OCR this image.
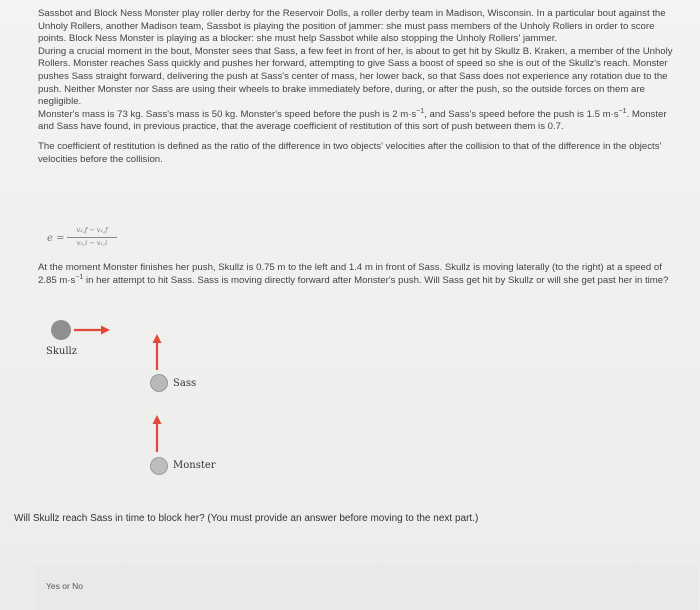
Sassbot and Block Ness Monster play roller derby for the Reservoir Dolls, a roller derby team in Madison, Wisconsin. In a particular bout against the Unholy Rollers, another Madison team, Sassbot is playing the position of jammer: she must pass members of the Unholy Rollers in order to score points. Block Ness Monster is playing as a blocker: she must help Sassbot while also stopping the Unholy Rollers' jammer.

During a crucial moment in the bout, Monster sees that Sass, a few feet in front of her, is about to get hit by Skullz B. Kraken, a member of the Unholy Rollers. Monster reaches Sass quickly and pushes her forward, attempting to give Sass a boost of speed so she is out of the Skullz's reach. Monster pushes Sass straight forward, delivering the push at Sass's center of mass, her lower back, so that Sass does not experience any rotation due to the push. Neither Monster nor Sass are using their wheels to brake immediately before, during, or after the push, so the outside forces on them are negligible.

Monster's mass is 73 kg. Sass's mass is 50 kg. Monster's speed before the push is 2 $m\cdot s^{-1}$, and Sass's speed before the push is 1.5 $m\cdot s^{-1}$. Monster and Sass have found, in previous practice, that the average coefficient of restitution of this sort of push between them is 0.7.

The coefficient of restitution is defined as the ratio of the difference in two objects' velocities after the collision to that of the difference in the objects' velocities before the collision.

e =
v₂,f − v₁,f
v₂,i − v₁,i
At the moment Monster finishes her push, Skullz is 0.75 m to the left and 1.4 m in front of Sass. Skullz is moving laterally (to the right) at a speed of 2.85 $m\cdot s^{-1}$ in her attempt to hit Sass. Sass is moving directly forward after Monster's push. Will Sass get hit by Skullz or will she get past her in time?
Skullz
Sass
Monster
Will Skullz reach Sass in time to block her? (You must provide an answer before moving to the next part.)
Yes or No
